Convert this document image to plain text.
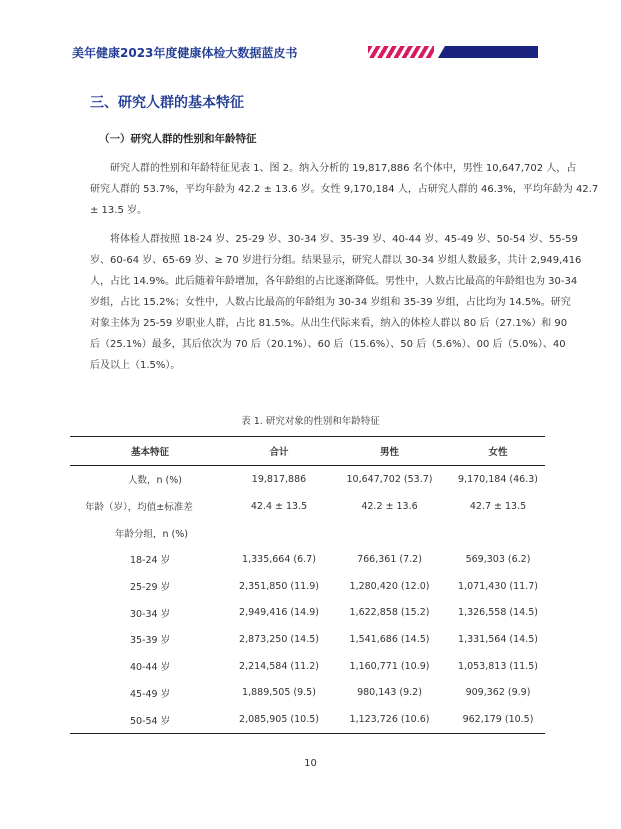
美年健康2023年度健康体检大数据蓝皮书
三、研究人群的基本特征
（一）研究人群的性别和年龄特征
研究人群的性别和年龄特征见表 1、图 2。纳入分析的 19,817,886 名个体中，男性 10,647,702 人，占
研究人群的 53.7%，平均年龄为 42.2 ± 13.6 岁。女性 9,170,184 人，占研究人群的 46.3%，平均年龄为 42.7
± 13.5 岁。
将体检人群按照 18-24 岁、25-29 岁、30-34 岁、35-39 岁、40-44 岁、45-49 岁、50-54 岁、55-59
岁、60-64 岁、65-69 岁、≥ 70 岁进行分组。结果显示，研究人群以 30-34 岁组人数最多，共计 2,949,416
人，占比 14.9%。此后随着年龄增加，各年龄组的占比逐渐降低。男性中，人数占比最高的年龄组也为 30-34
岁组，占比 15.2%；女性中，人数占比最高的年龄组为 30-34 岁组和 35-39 岁组，占比均为 14.5%。研究
对象主体为 25-59 岁职业人群，占比 81.5%。从出生代际来看，纳入的体检人群以 80 后（27.1%）和 90
后（25.1%）最多，其后依次为 70 后（20.1%）、60 后（15.6%）、50 后（5.6%）、00 后（5.0%）、40
后及以上（1.5%）。
表 1. 研究对象的性别和年龄特征
基本特征	合计	男性	女性
人数，n (%)	19,817,886	10,647,702 (53.7)	9,170,184 (46.3)
年龄（岁），均值±标准差	42.4 ± 13.5	42.2 ± 13.6	42.7 ± 13.5
年龄分组，n (%)			
18-24 岁	1,335,664 (6.7)	766,361 (7.2)	569,303 (6.2)
25-29 岁	2,351,850 (11.9)	1,280,420 (12.0)	1,071,430 (11.7)
30-34 岁	2,949,416 (14.9)	1,622,858 (15.2)	1,326,558 (14.5)
35-39 岁	2,873,250 (14.5)	1,541,686 (14.5)	1,331,564 (14.5)
40-44 岁	2,214,584 (11.2)	1,160,771 (10.9)	1,053,813 (11.5)
45-49 岁	1,889,505 (9.5)	980,143 (9.2)	909,362 (9.9)
50-54 岁	2,085,905 (10.5)	1,123,726 (10.6)	962,179 (10.5)
10
